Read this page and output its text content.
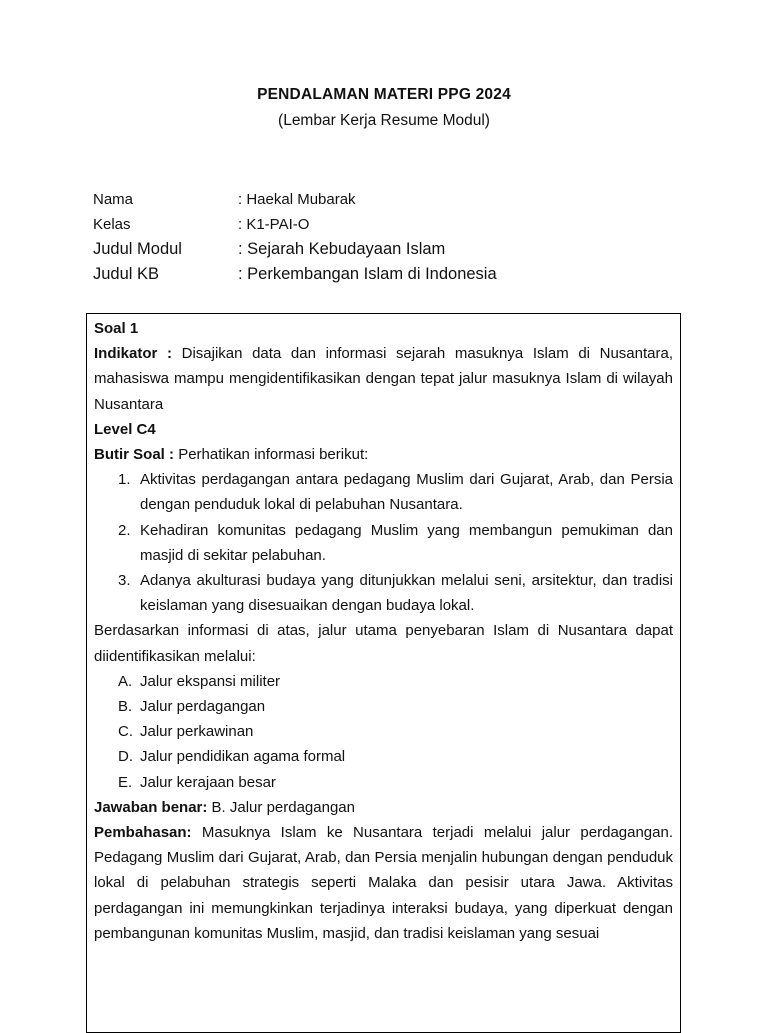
PENDALAMAN MATERI PPG 2024
(Lembar Kerja Resume Modul)
Nama	: Haekal Mubarak
Kelas	: K1-PAI-O
Judul Modul	: Sejarah Kebudayaan Islam
Judul KB	: Perkembangan Islam di Indonesia

Soal 1

Indikator : Disajikan data dan informasi sejarah masuknya Islam di Nusantara, mahasiswa mampu mengidentifikasikan dengan tepat jalur masuknya Islam di wilayah Nusantara

Level C4

Butir Soal : Perhatikan informasi berikut:

1. Aktivitas perdagangan antara pedagang Muslim dari Gujarat, Arab, dan Persia dengan penduduk lokal di pelabuhan Nusantara.
2. Kehadiran komunitas pedagang Muslim yang membangun pemukiman dan masjid di sekitar pelabuhan.
3. Adanya akulturasi budaya yang ditunjukkan melalui seni, arsitektur, dan tradisi keislaman yang disesuaikan dengan budaya lokal.

Berdasarkan informasi di atas, jalur utama penyebaran Islam di Nusantara dapat diidentifikasikan melalui:

A. Jalur ekspansi militer
B. Jalur perdagangan
C. Jalur perkawinan
D. Jalur pendidikan agama formal
E. Jalur kerajaan besar

Jawaban benar: B. Jalur perdagangan

Pembahasan: Masuknya Islam ke Nusantara terjadi melalui jalur perdagangan. Pedagang Muslim dari Gujarat, Arab, dan Persia menjalin hubungan dengan penduduk lokal di pelabuhan strategis seperti Malaka dan pesisir utara Jawa. Aktivitas perdagangan ini memungkinkan terjadinya interaksi budaya, yang diperkuat dengan pembangunan komunitas Muslim, masjid, dan tradisi keislaman yang sesuai
